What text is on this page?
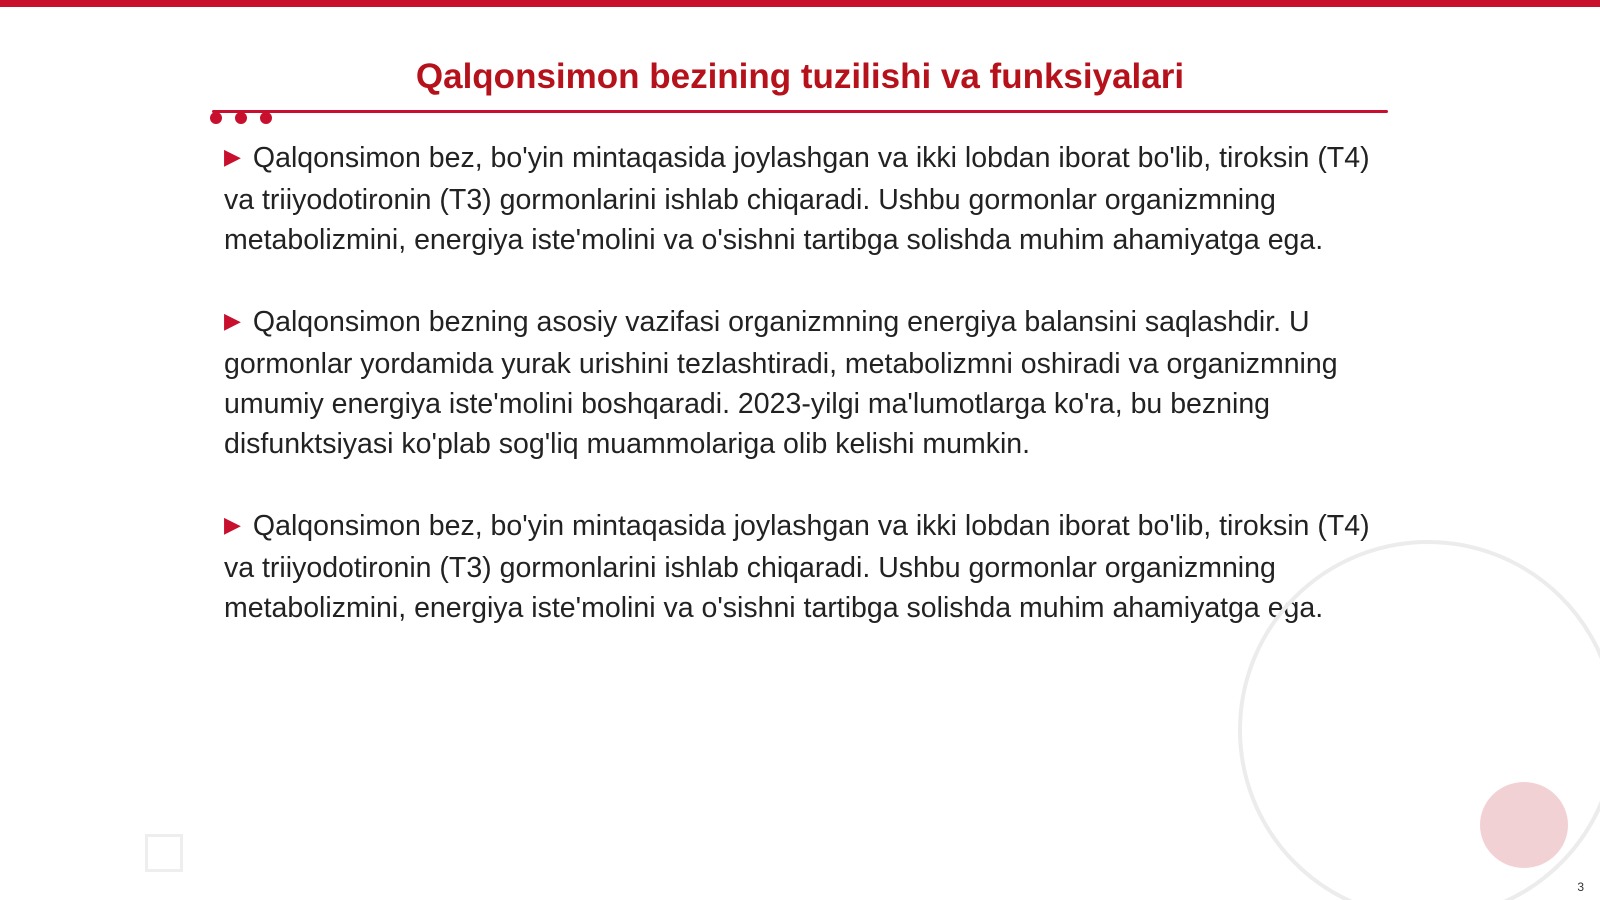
Qalqonsimon bezining tuzilishi va funksiyalari

▶ Qalqonsimon bez, bo'yin mintaqasida joylashgan va ikki lobdan iborat bo'lib, tiroksin (T4) va triiyodotironin (T3) gormonlarini ishlab chiqaradi. Ushbu gormonlar organizmning metabolizmini, energiya iste'molini va o'sishni tartibga solishda muhim ahamiyatga ega.

▶ Qalqonsimon bezning asosiy vazifasi organizmning energiya balansini saqlashdir. U gormonlar yordamida yurak urishini tezlashtiradi, metabolizmni oshiradi va organizmning umumiy energiya iste'molini boshqaradi. 2023-yilgi ma'lumotlarga ko'ra, bu bezning disfunktsiyasi ko'plab sog'liq muammolariga olib kelishi mumkin.

▶ Qalqonsimon bez, bo'yin mintaqasida joylashgan va ikki lobdan iborat bo'lib, tiroksin (T4) va triiyodotironin (T3) gormonlarini ishlab chiqaradi. Ushbu gormonlar organizmning metabolizmini, energiya iste'molini va o'sishni tartibga solishda muhim ahamiyatga ega.

3
